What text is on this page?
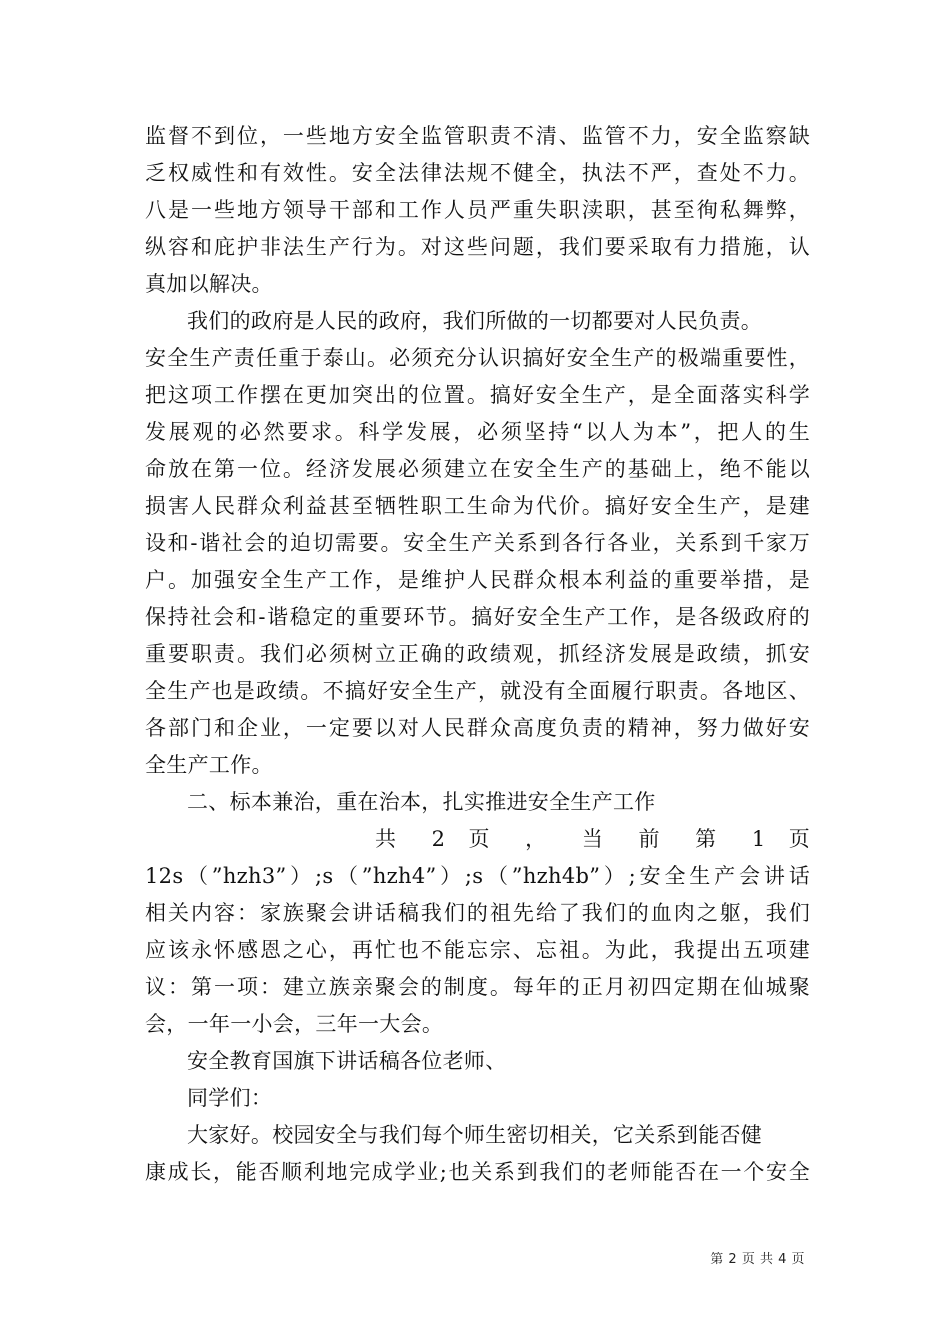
监督不到位，一些地方安全监管职责不清、监管不力，安全监察缺
乏权威性和有效性。安全法律法规不健全，执法不严，查处不力。
八是一些地方领导干部和工作人员严重失职渎职，甚至徇私舞弊，
纵容和庇护非法生产行为。对这些问题，我们要采取有力措施，认
真加以解决。

我们的政府是人民的政府，我们所做的一切都要对人民负责。
安全生产责任重于泰山。必须充分认识搞好安全生产的极端重要性，
把这项工作摆在更加突出的位置。搞好安全生产，是全面落实科学
发展观的必然要求。科学发展，必须坚持“以人为本”，把人的生
命放在第一位。经济发展必须建立在安全生产的基础上，绝不能以
损害人民群众利益甚至牺牲职工生命为代价。搞好安全生产，是建
设和-谐社会的迫切需要。安全生产关系到各行各业，关系到千家万
户。加强安全生产工作，是维护人民群众根本利益的重要举措，是
保持社会和-谐稳定的重要环节。搞好安全生产工作，是各级政府的
重要职责。我们必须树立正确的政绩观，抓经济发展是政绩，抓安
全生产也是政绩。不搞好安全生产，就没有全面履行职责。各地区、
各部门和企业，一定要以对人民群众高度负责的精神，努力做好安
全生产工作。

二、标本兼治，重在治本，扎实推进安全生产工作

共 2 页 ， 当 前 第 1 页

12s（”hzh3”）;s（”hzh4”）;s（”hzh4b”）;安全生产会讲话
相关内容：家族聚会讲话稿我们的祖先给了我们的血肉之躯，我们
应该永怀感恩之心，再忙也不能忘宗、忘祖。为此，我提出五项建
议：第一项：建立族亲聚会的制度。每年的正月初四定期在仙城聚
会，一年一小会，三年一大会。

安全教育国旗下讲话稿各位老师、

同学们：

大家好。校园安全与我们每个师生密切相关，它关系到能否健
康成长，能否顺利地完成学业;也关系到我们的老师能否在一个安全

第 2 页 共 4 页
